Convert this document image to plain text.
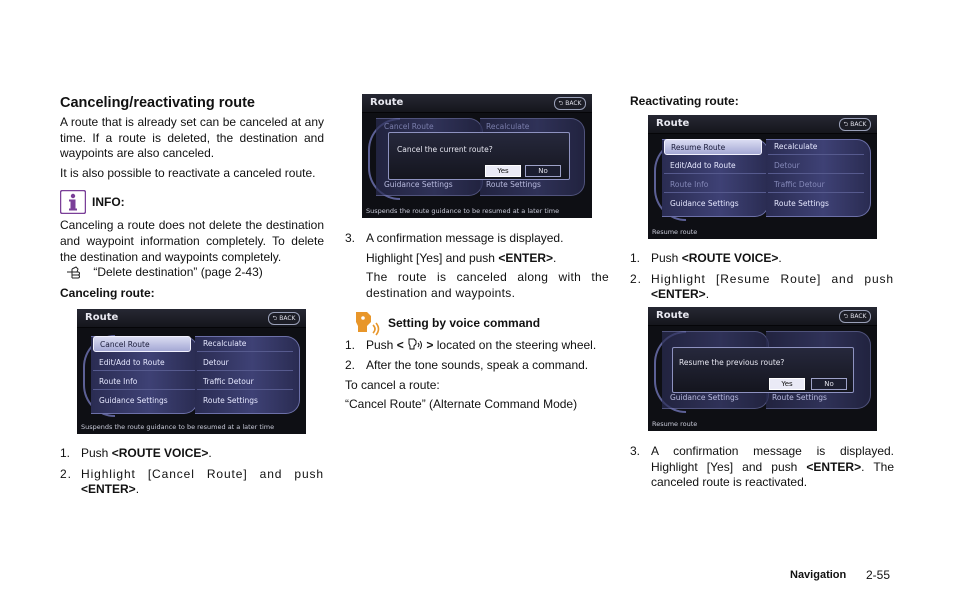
Canceling/reactivating route

A route that is already set can be canceled at any time. If a route is deleted, the destination and waypoints are also canceled.

It is also possible to reactivate a canceled route.

INFO:

Canceling a route does not delete the destination and waypoint information completely. To delete the destination and waypoints completely.

“Delete destination” (page 2-43)

Canceling route:

Route	⮌ BACK
Cancel Route
Edit/Add to Route
Route Info
Guidance Settings
Recalculate
Detour
Traffic Detour
Route Settings
Suspends the route guidance to be resumed at a later time
1. Push <ROUTE VOICE>.
2. Highlight [Cancel Route] and push <ENTER>.
Route	⮌ BACK
Cancel Route	Recalculate
Guidance Settings	Route Settings
Cancel the current route?
Yes	No
Suspends the route guidance to be resumed at a later time
3. A confirmation message is displayed.

Highlight [Yes] and push <ENTER>.

The route is canceled along with the destination and waypoints.

Setting by voice command
1. Push < > located on the steering wheel.
2. After the tone sounds, speak a command.

To cancel a route:

“Cancel Route” (Alternate Command Mode)

Reactivating route:

Route	⮌ BACK
Resume Route
Edit/Add to Route
Route Info
Guidance Settings
Recalculate
Detour
Traffic Detour
Route Settings
Resume route
1. Push <ROUTE VOICE>.
2. Highlight [Resume Route] and push <ENTER>.
Route	⮌ BACK
Guidance Settings	Route Settings
Resume the previous route?
Yes	No
Resume route
3. A confirmation message is displayed. Highlight [Yes] and push <ENTER>. The canceled route is reactivated.
Navigation 2-55
